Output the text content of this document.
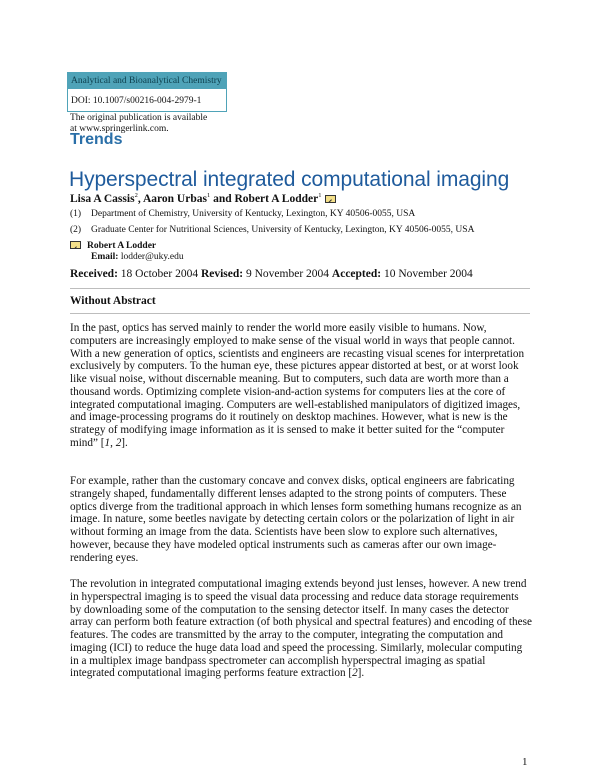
Analytical and Bioanalytical Chemistry
DOI: 10.1007/s00216-004-2979-1
The original publication is available
at www.springerlink.com.
Trends
Hyperspectral integrated computational imaging
Lisa A Cassis$^2$, Aaron Urbas$^1$ and Robert A Lodder$^1$
(1) Department of Chemistry, University of Kentucky, Lexington, KY 40506-0055, USA
(2) Graduate Center for Nutritional Sciences, University of Kentucky, Lexington, KY 40506-0055, USA
Robert A Lodder
Email: lodder@uky.edu
Received: 18 October 2004 Revised: 9 November 2004 Accepted: 10 November 2004
Without Abstract

In the past, optics has served mainly to render the world more easily visible to humans. Now, computers are increasingly employed to make sense of the visual world in ways that people cannot. With a new generation of optics, scientists and engineers are recasting visual scenes for interpretation exclusively by computers. To the human eye, these pictures appear distorted at best, or at worst look like visual noise, without discernable meaning. But to computers, such data are worth more than a thousand words. Optimizing complete vision-and-action systems for computers lies at the core of integrated computational imaging. Computers are well-established manipulators of digitized images, and image-processing programs do it routinely on desktop machines. However, what is new is the strategy of modifying image information as it is sensed to make it better suited for the “computer mind” [1, 2].

For example, rather than the customary concave and convex disks, optical engineers are fabricating strangely shaped, fundamentally different lenses adapted to the strong points of computers. These optics diverge from the traditional approach in which lenses form something humans recognize as an image. In nature, some beetles navigate by detecting certain colors or the polarization of light in air without forming an image from the data. Scientists have been slow to explore such alternatives, however, because they have modeled optical instruments such as cameras after our own image-rendering eyes.

The revolution in integrated computational imaging extends beyond just lenses, however. A new trend in hyperspectral imaging is to speed the visual data processing and reduce data storage requirements by downloading some of the computation to the sensing detector itself. In many cases the detector array can perform both feature extraction (of both physical and spectral features) and encoding of these features. The codes are transmitted by the array to the computer, integrating the computation and imaging (ICI) to reduce the huge data load and speed the processing. Similarly, molecular computing in a multiplex image bandpass spectrometer can accomplish hyperspectral imaging as spatial integrated computational imaging performs feature extraction [2].

1
